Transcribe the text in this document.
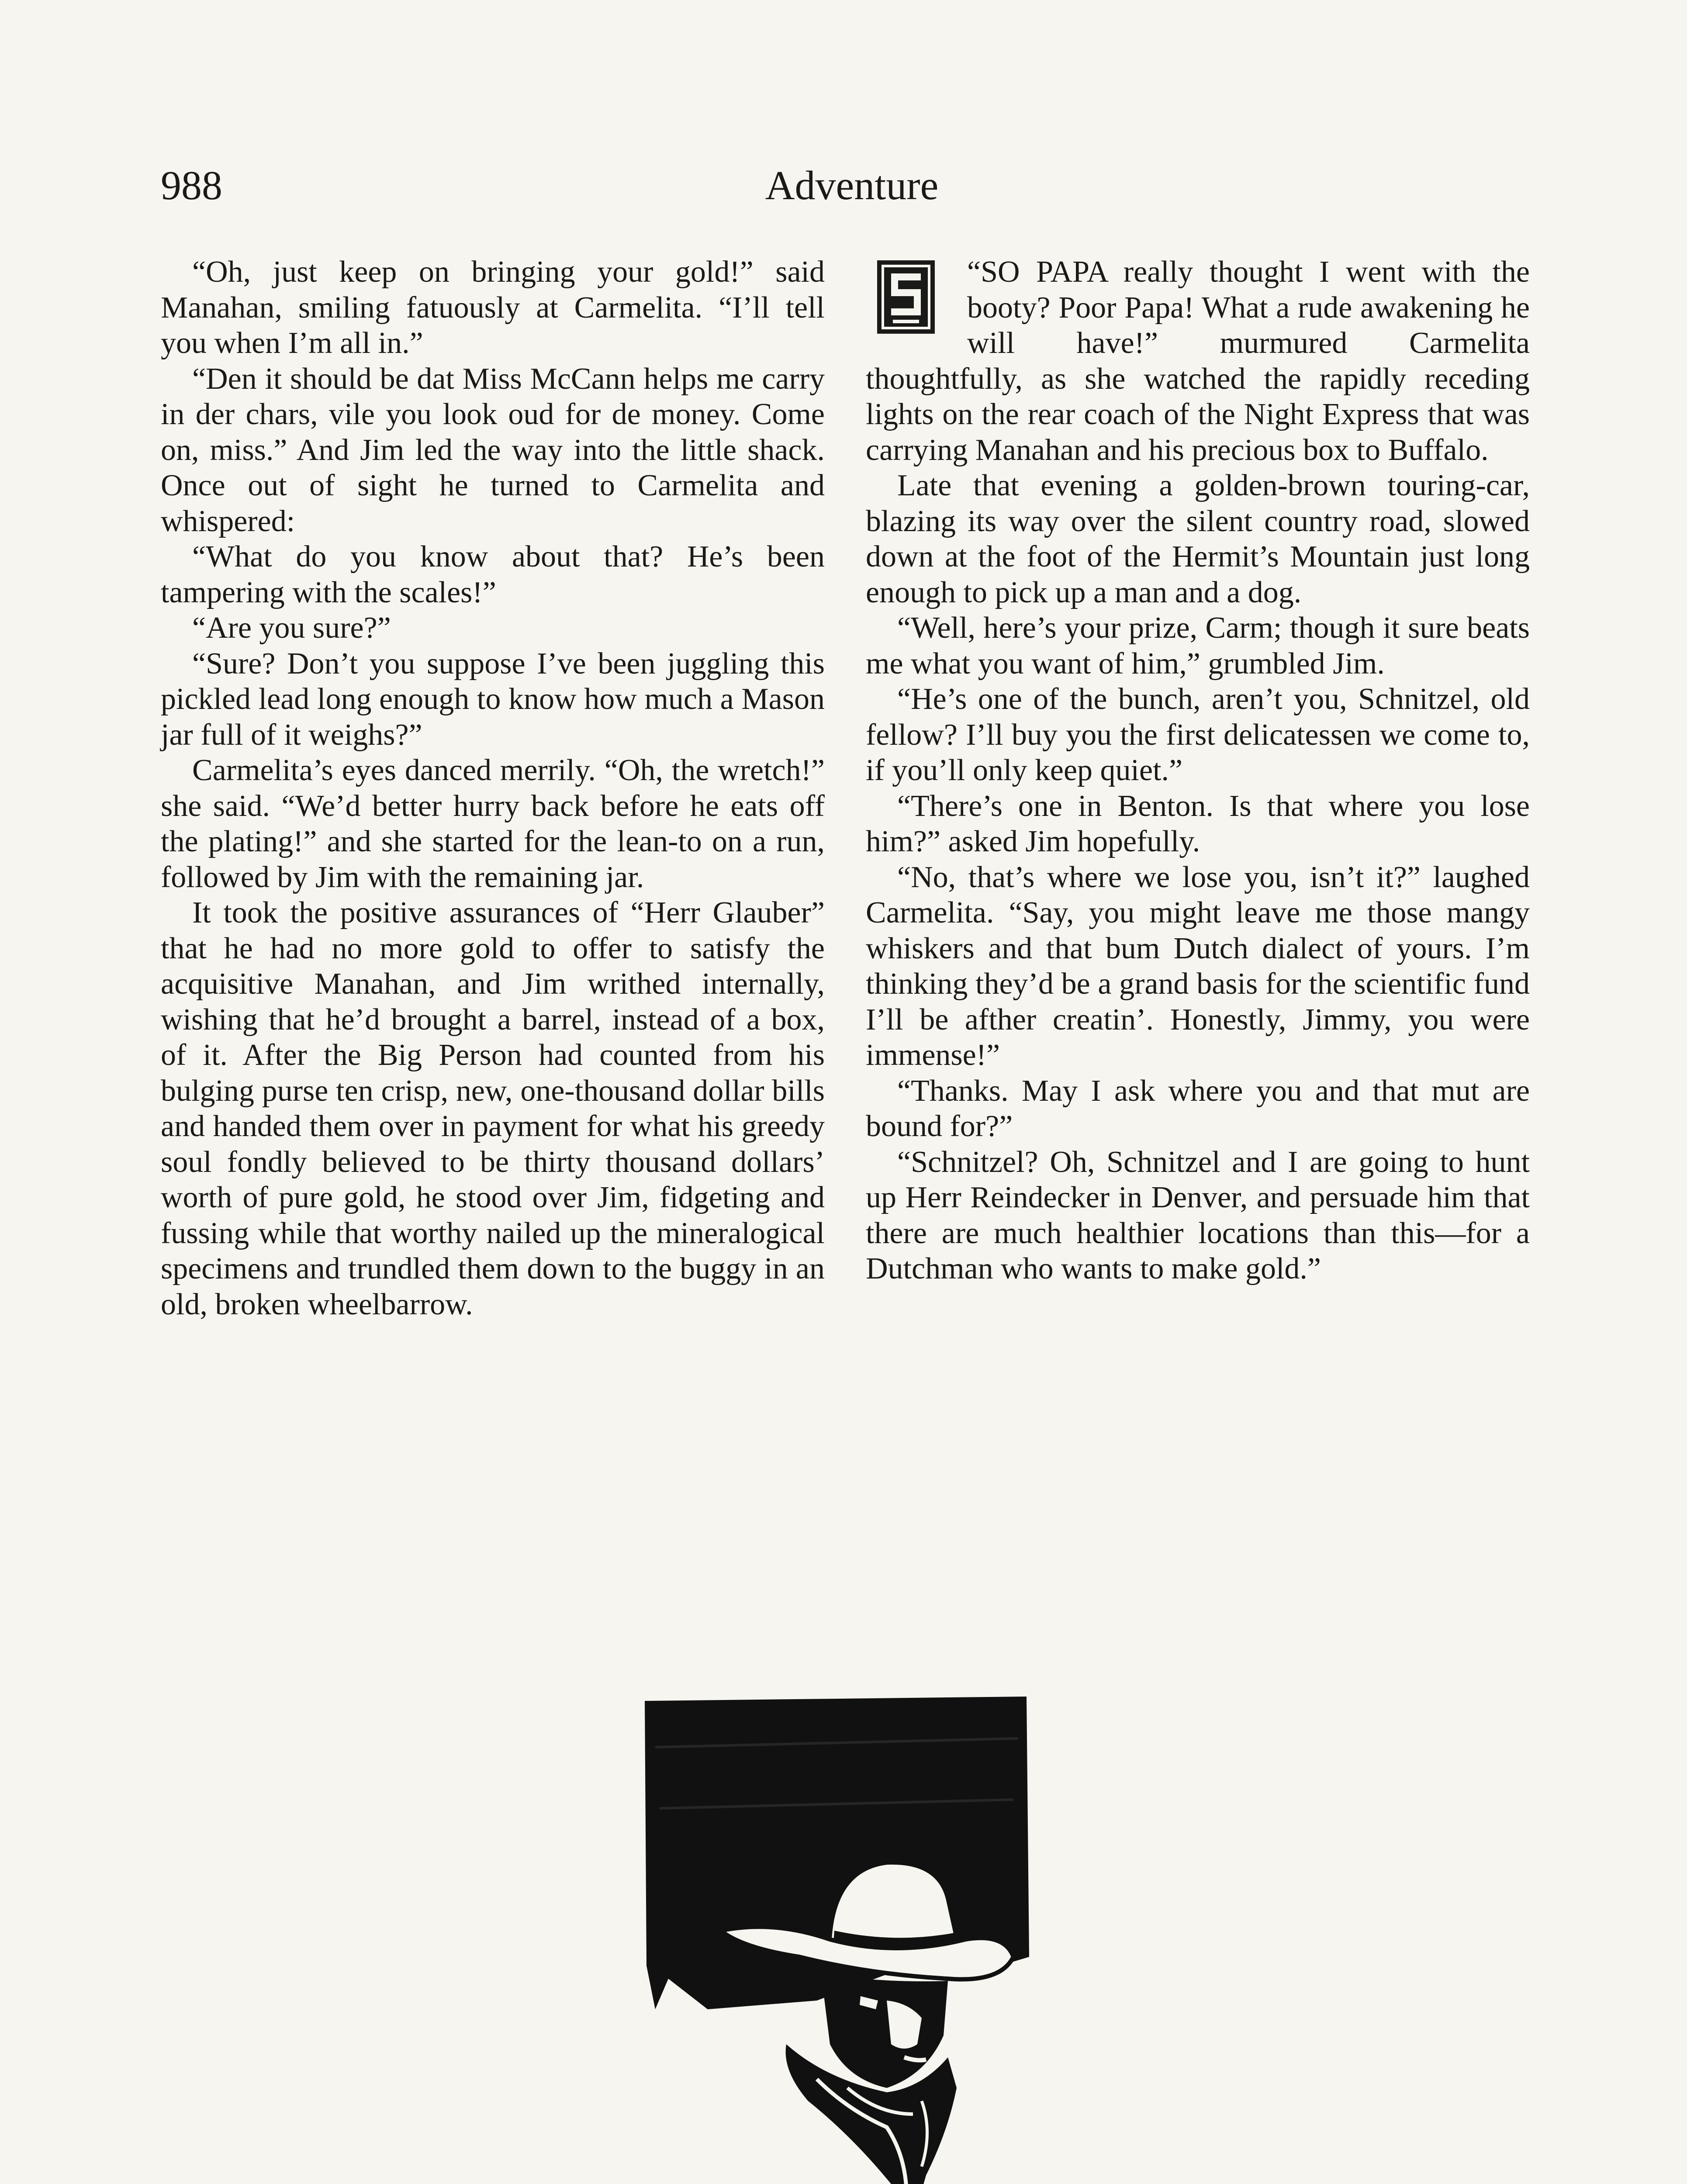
988	Adventure

“Oh, just keep on bringing your gold!” said Manahan, smiling fatuously at Carmelita. “I’ll tell you when I’m all in.”

“Den it should be dat Miss McCann helps me carry in der chars, vile you look oud for de money. Come on, miss.” And Jim led the way into the little shack. Once out of sight he turned to Carmelita and whispered:

“What do you know about that? He’s been tampering with the scales!”

“Are you sure?”

“Sure? Don’t you suppose I’ve been juggling this pickled lead long enough to know how much a Mason jar full of it weighs?”

Carmelita’s eyes danced merrily. “Oh, the wretch!” she said. “We’d better hurry back before he eats off the plating!” and she started for the lean-to on a run, followed by Jim with the remaining jar.

It took the positive assurances of “Herr Glauber” that he had no more gold to offer to satisfy the acquisitive Manahan, and Jim writhed internally, wishing that he’d brought a barrel, instead of a box, of it. After the Big Person had counted from his bulging purse ten crisp, new, one-thousand dollar bills and handed them over in payment for what his greedy soul fondly believed to be thirty thousand dollars’ worth of pure gold, he stood over Jim, fidgeting and fussing while that worthy nailed up the mineralogical specimens and trundled them down to the buggy in an old, broken wheelbarrow.

“SO PAPA really thought I went with the booty? Poor Papa! What a rude awakening he will have!” murmured Carmelita thoughtfully, as she watched the rapidly receding lights on the rear coach of the Night Express that was carrying Manahan and his precious box to Buffalo.

Late that evening a golden-brown touring-car, blazing its way over the silent country road, slowed down at the foot of the Hermit’s Mountain just long enough to pick up a man and a dog.

“Well, here’s your prize, Carm; though it sure beats me what you want of him,” grumbled Jim.

“He’s one of the bunch, aren’t you, Schnitzel, old fellow? I’ll buy you the first delicatessen we come to, if you’ll only keep quiet.”

“There’s one in Benton. Is that where you lose him?” asked Jim hopefully.

“No, that’s where we lose you, isn’t it?” laughed Carmelita. “Say, you might leave me those mangy whiskers and that bum Dutch dialect of yours. I’m thinking they’d be a grand basis for the scientific fund I’ll be afther creatin’. Honestly, Jimmy, you were immense!”

“Thanks. May I ask where you and that mut are bound for?”

“Schnitzel? Oh, Schnitzel and I are going to hunt up Herr Reindecker in Denver, and persuade him that there are much healthier locations than this—for a Dutchman who wants to make gold.”
